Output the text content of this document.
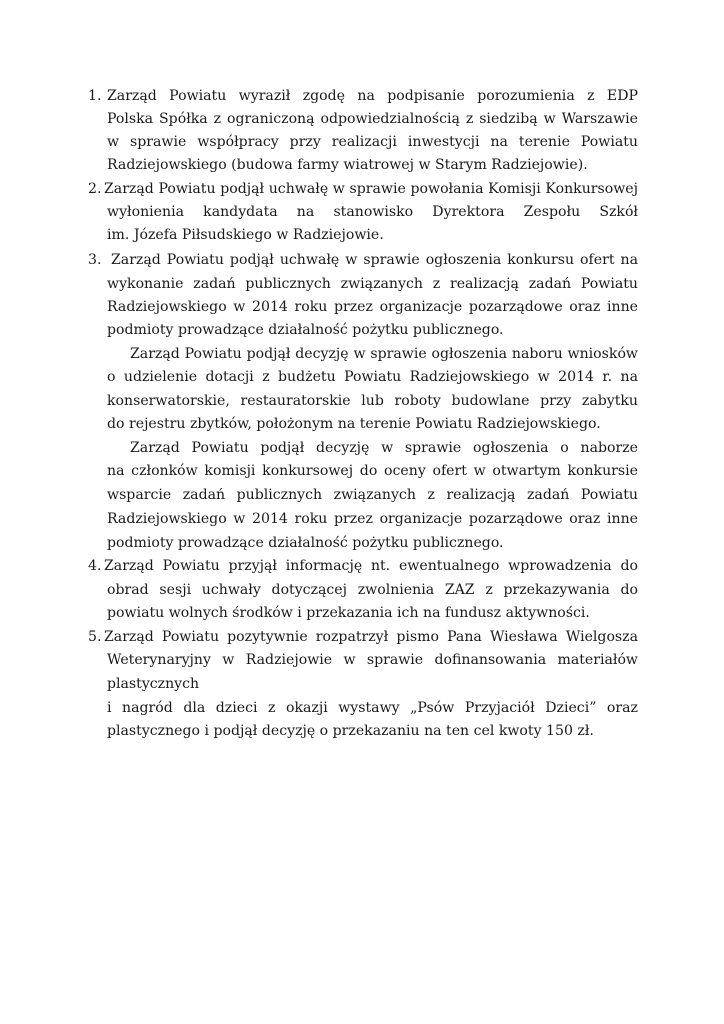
1. Zarząd Powiatu wyraził zgodę na podpisanie porozumienia z EDP
Polska Spółka z ograniczoną odpowiedzialnością z siedzibą w Warszawie
w sprawie współpracy przy realizacji inwestycji na terenie Powiatu
Radziejowskiego (budowa farmy wiatrowej w Starym Radziejowie).
2. Zarząd Powiatu podjął uchwałę w sprawie powołania Komisji Konkursowej
wyłonienia kandydata na stanowisko Dyrektora Zespołu Szkół
im. Józefa Piłsudskiego w Radziejowie.
3. Zarząd Powiatu podjął uchwałę w sprawie ogłoszenia konkursu ofert na
wykonanie zadań publicznych związanych z realizacją zadań Powiatu
Radziejowskiego w 2014 roku przez organizacje pozarządowe oraz inne
podmioty prowadzące działalność pożytku publicznego.
Zarząd Powiatu podjął decyzję w sprawie ogłoszenia naboru wniosków
o udzielenie dotacji z budżetu Powiatu Radziejowskiego w 2014 r. na
konserwatorskie, restauratorskie lub roboty budowlane przy zabytku
do rejestru zbytków, położonym na terenie Powiatu Radziejowskiego.
Zarząd Powiatu podjął decyzję w sprawie ogłoszenia o naborze
na członków komisji konkursowej do oceny ofert w otwartym konkursie
wsparcie zadań publicznych związanych z realizacją zadań Powiatu
Radziejowskiego w 2014 roku przez organizacje pozarządowe oraz inne
podmioty prowadzące działalność pożytku publicznego.
4. Zarząd Powiatu przyjął informację nt. ewentualnego wprowadzenia do
obrad sesji uchwały dotyczącej zwolnienia ZAZ z przekazywania do
powiatu wolnych środków i przekazania ich na fundusz aktywności.
5. Zarząd Powiatu pozytywnie rozpatrzył pismo Pana Wiesława Wielgosza
Weterynaryjny w Radziejowie w sprawie dofinansowania materiałów
plastycznych
i nagród dla dzieci z okazji wystawy „Psów Przyjaciół Dzieci” oraz
plastycznego i podjął decyzję o przekazaniu na ten cel kwoty 150 zł.
